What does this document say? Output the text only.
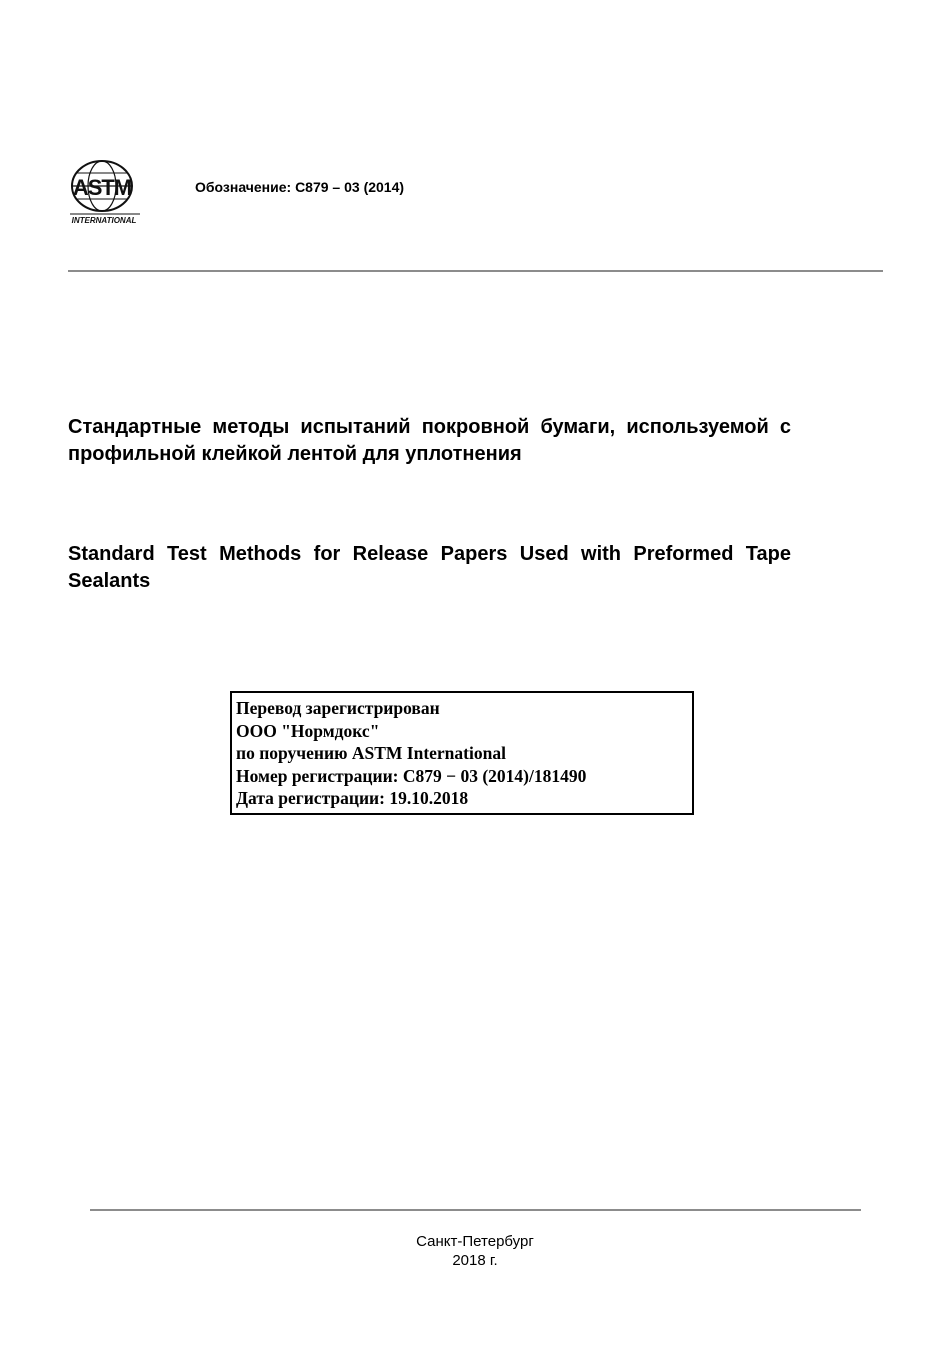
ASTM
INTERNATIONAL
Обозначение: C879 – 03 (2014)
Стандартные методы испытаний покровной бумаги, используемой с профильной клейкой лентой для уплотнения
Standard Test Methods for Release Papers Used with Preformed Tape Sealants
Перевод зарегистрирован
ООО "Нормдокс"
по поручению ASTM International
Номер регистрации: C879 − 03 (2014)/181490
Дата регистрации: 19.10.2018
Санкт-Петербург
2018 г.
